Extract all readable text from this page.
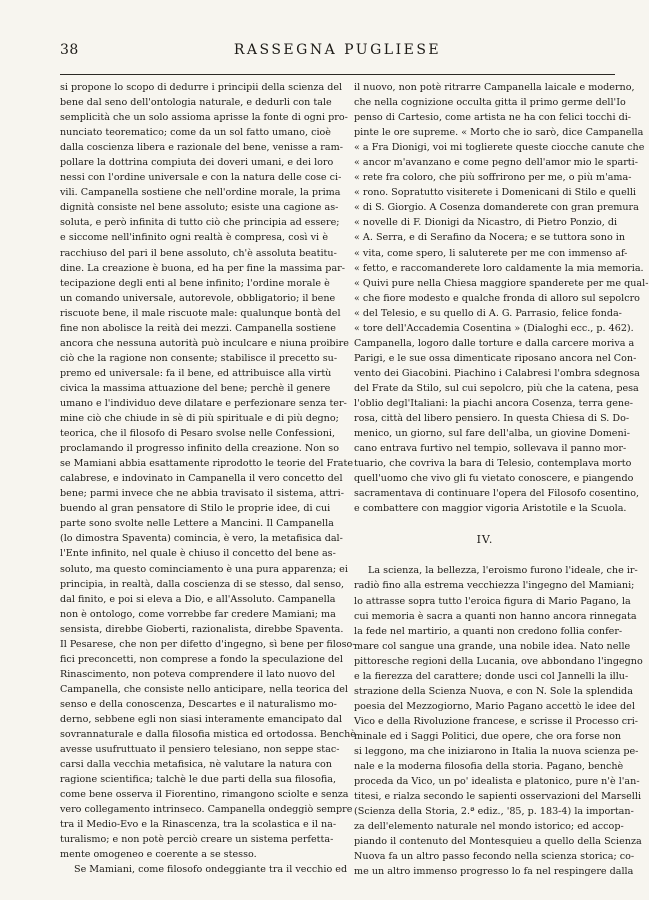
38	RASSEGNA PUGLIESE
si propone lo scopo di dedurre i principii della scienza del
bene dal seno dell'ontologia naturale, e dedurli con tale
semplicità che un solo assioma aprisse la fonte di ogni pro-
nunciato teorematico; come da un sol fatto umano, cioè
dalla coscienza libera e razionale del bene, venisse a ram-
pollare la dottrina compiuta dei doveri umani, e dei loro
nessi con l'ordine universale e con la natura delle cose ci-
vili. Campanella sostiene che nell'ordine morale, la prima
dignità consiste nel bene assoluto; esiste una cagione as-
soluta, e però infinita di tutto ciò che principia ad essere;
e siccome nell'infinito ogni realtà è compresa, così vi è
racchiuso del pari il bene assoluto, ch'è assoluta beatitu-
dine. La creazione è buona, ed ha per fine la massima par-
tecipazione degli enti al bene infinito; l'ordine morale è
un comando universale, autorevole, obbligatorio; il bene
riscuote bene, il male riscuote male: qualunque bontà del
fine non abolisce la reità dei mezzi. Campanella sostiene
ancora che nessuna autorità può inculcare e niuna proibire
ciò che la ragione non consente; stabilisce il precetto su-
premo ed universale: fa il bene, ed attribuisce alla virtù
civica la massima attuazione del bene; perchè il genere
umano e l'individuo deve dilatare e perfezionare senza ter-
mine ciò che chiude in sè di più spirituale e di più degno;
teorica, che il filosofo di Pesaro svolse nelle Confessioni,
proclamando il progresso infinito della creazione. Non so
se Mamiani abbia esattamente riprodotto le teorie del Frate
calabrese, e indovinato in Campanella il vero concetto del
bene; parmi invece che ne abbia travisato il sistema, attri-
buendo al gran pensatore di Stilo le proprie idee, di cui
parte sono svolte nelle Lettere a Mancini. Il Campanella
(lo dimostra Spaventa) comincia, è vero, la metafisica dal-
l'Ente infinito, nel quale è chiuso il concetto del bene as-
soluto, ma questo cominciamento è una pura apparenza; ei
principia, in realtà, dalla coscienza di se stesso, dal senso,
dal finito, e poi si eleva a Dio, e all'Assoluto. Campanella
non è ontologo, come vorrebbe far credere Mamiani; ma
sensista, direbbe Gioberti, razionalista, direbbe Spaventa.
Il Pesarese, che non per difetto d'ingegno, sì bene per filoso-
fici preconcetti, non comprese a fondo la speculazione del
Rinascimento, non poteva comprendere il lato nuovo del
Campanella, che consiste nello anticipare, nella teorica del
senso e della conoscenza, Descartes e il naturalismo mo-
derno, sebbene egli non siasi interamente emancipato dal
sovrannaturale e dalla filosofia mistica ed ortodossa. Benchè
avesse usufruttuato il pensiero telesiano, non seppe stac-
carsi dalla vecchia metafisica, nè valutare la natura con
ragione scientifica; talchè le due parti della sua filosofia,
come bene osserva il Fiorentino, rimangono sciolte e senza
vero collegamento intrinseco. Campanella ondeggiò sempre
tra il Medio-Evo e la Rinascenza, tra la scolastica e il na-
turalismo; e non potè perciò creare un sistema perfetta-
mente omogeneo e coerente a se stesso.
Se Mamiani, come filosofo ondeggiante tra il vecchio ed
il nuovo, non potè ritrarre Campanella laicale e moderno,
che nella cognizione occulta gitta il primo germe dell'Io
penso di Cartesio, come artista ne ha con felici tocchi di-
pinte le ore supreme. « Morto che io sarò, dice Campanella
« a Fra Dionigi, voi mi toglierete queste ciocche canute che
« ancor m'avanzano e come pegno dell'amor mio le sparti-
« rete fra coloro, che più soffrirono per me, o più m'ama-
« rono. Sopratutto visiterete i Domenicani di Stilo e quelli
« di S. Giorgio. A Cosenza domanderete con gran premura
« novelle di F. Dionigi da Nicastro, di Pietro Ponzio, di
« A. Serra, e di Serafino da Nocera; e se tuttora sono in
« vita, come spero, li saluterete per me con immenso af-
« fetto, e raccomanderete loro caldamente la mia memoria.
« Quivi pure nella Chiesa maggiore spanderete per me qual-
« che fiore modesto e qualche fronda di alloro sul sepolcro
« del Telesio, e su quello di A. G. Parrasio, felice fonda-
« tore dell'Accademia Cosentina » (Dialoghi ecc., p. 462).
Campanella, logoro dalle torture e dalla carcere moriva a
Parigi, e le sue ossa dimenticate riposano ancora nel Con-
vento dei Giacobini. Piachino i Calabresi l'ombra sdegnosa
del Frate da Stilo, sul cui sepolcro, più che la catena, pesa
l'oblio degl'Italiani: la piachi ancora Cosenza, terra gene-
rosa, città del libero pensiero. In questa Chiesa di S. Do-
menico, un giorno, sul fare dell'alba, un giovine Domeni-
cano entrava furtivo nel tempio, sollevava il panno mor-
tuario, che covriva la bara di Telesio, contemplava morto
quell'uomo che vivo gli fu vietato conoscere, e piangendo
sacramentava di continuare l'opera del Filosofo cosentino,
e combattere con maggior vigoria Aristotile e la Scuola.
IV.
La scienza, la bellezza, l'eroismo furono l'ideale, che ir-
radiò fino alla estrema vecchiezza l'ingegno del Mamiani;
lo attrasse sopra tutto l'eroica figura di Mario Pagano, la
cui memoria è sacra a quanti non hanno ancora rinnegata
la fede nel martirio, a quanti non credono follia confer-
mare col sangue una grande, una nobile idea. Nato nelle
pittoresche regioni della Lucania, ove abbondano l'ingegno
e la fierezza del carattere; donde usci col Jannelli la illu-
strazione della Scienza Nuova, e con N. Sole la splendida
poesia del Mezzogiorno, Mario Pagano accettò le idee del
Vico e della Rivoluzione francese, e scrisse il Processo cri-
minale ed i Saggi Politici, due opere, che ora forse non
si leggono, ma che iniziarono in Italia la nuova scienza pe-
nale e la moderna filosofia della storia. Pagano, benchè
proceda da Vico, un po' idealista e platonico, pure n'è l'an-
titesi, e rialza secondo le sapienti osservazioni del Marselli
(Scienza della Storia, 2.ª ediz., '85, p. 183-4) la importan-
za dell'elemento naturale nel mondo istorico; ed accop-
piando il contenuto del Montesquieu a quello della Scienza
Nuova fa un altro passo fecondo nella scienza storica; co-
me un altro immenso progresso lo fa nel respingere dalla
